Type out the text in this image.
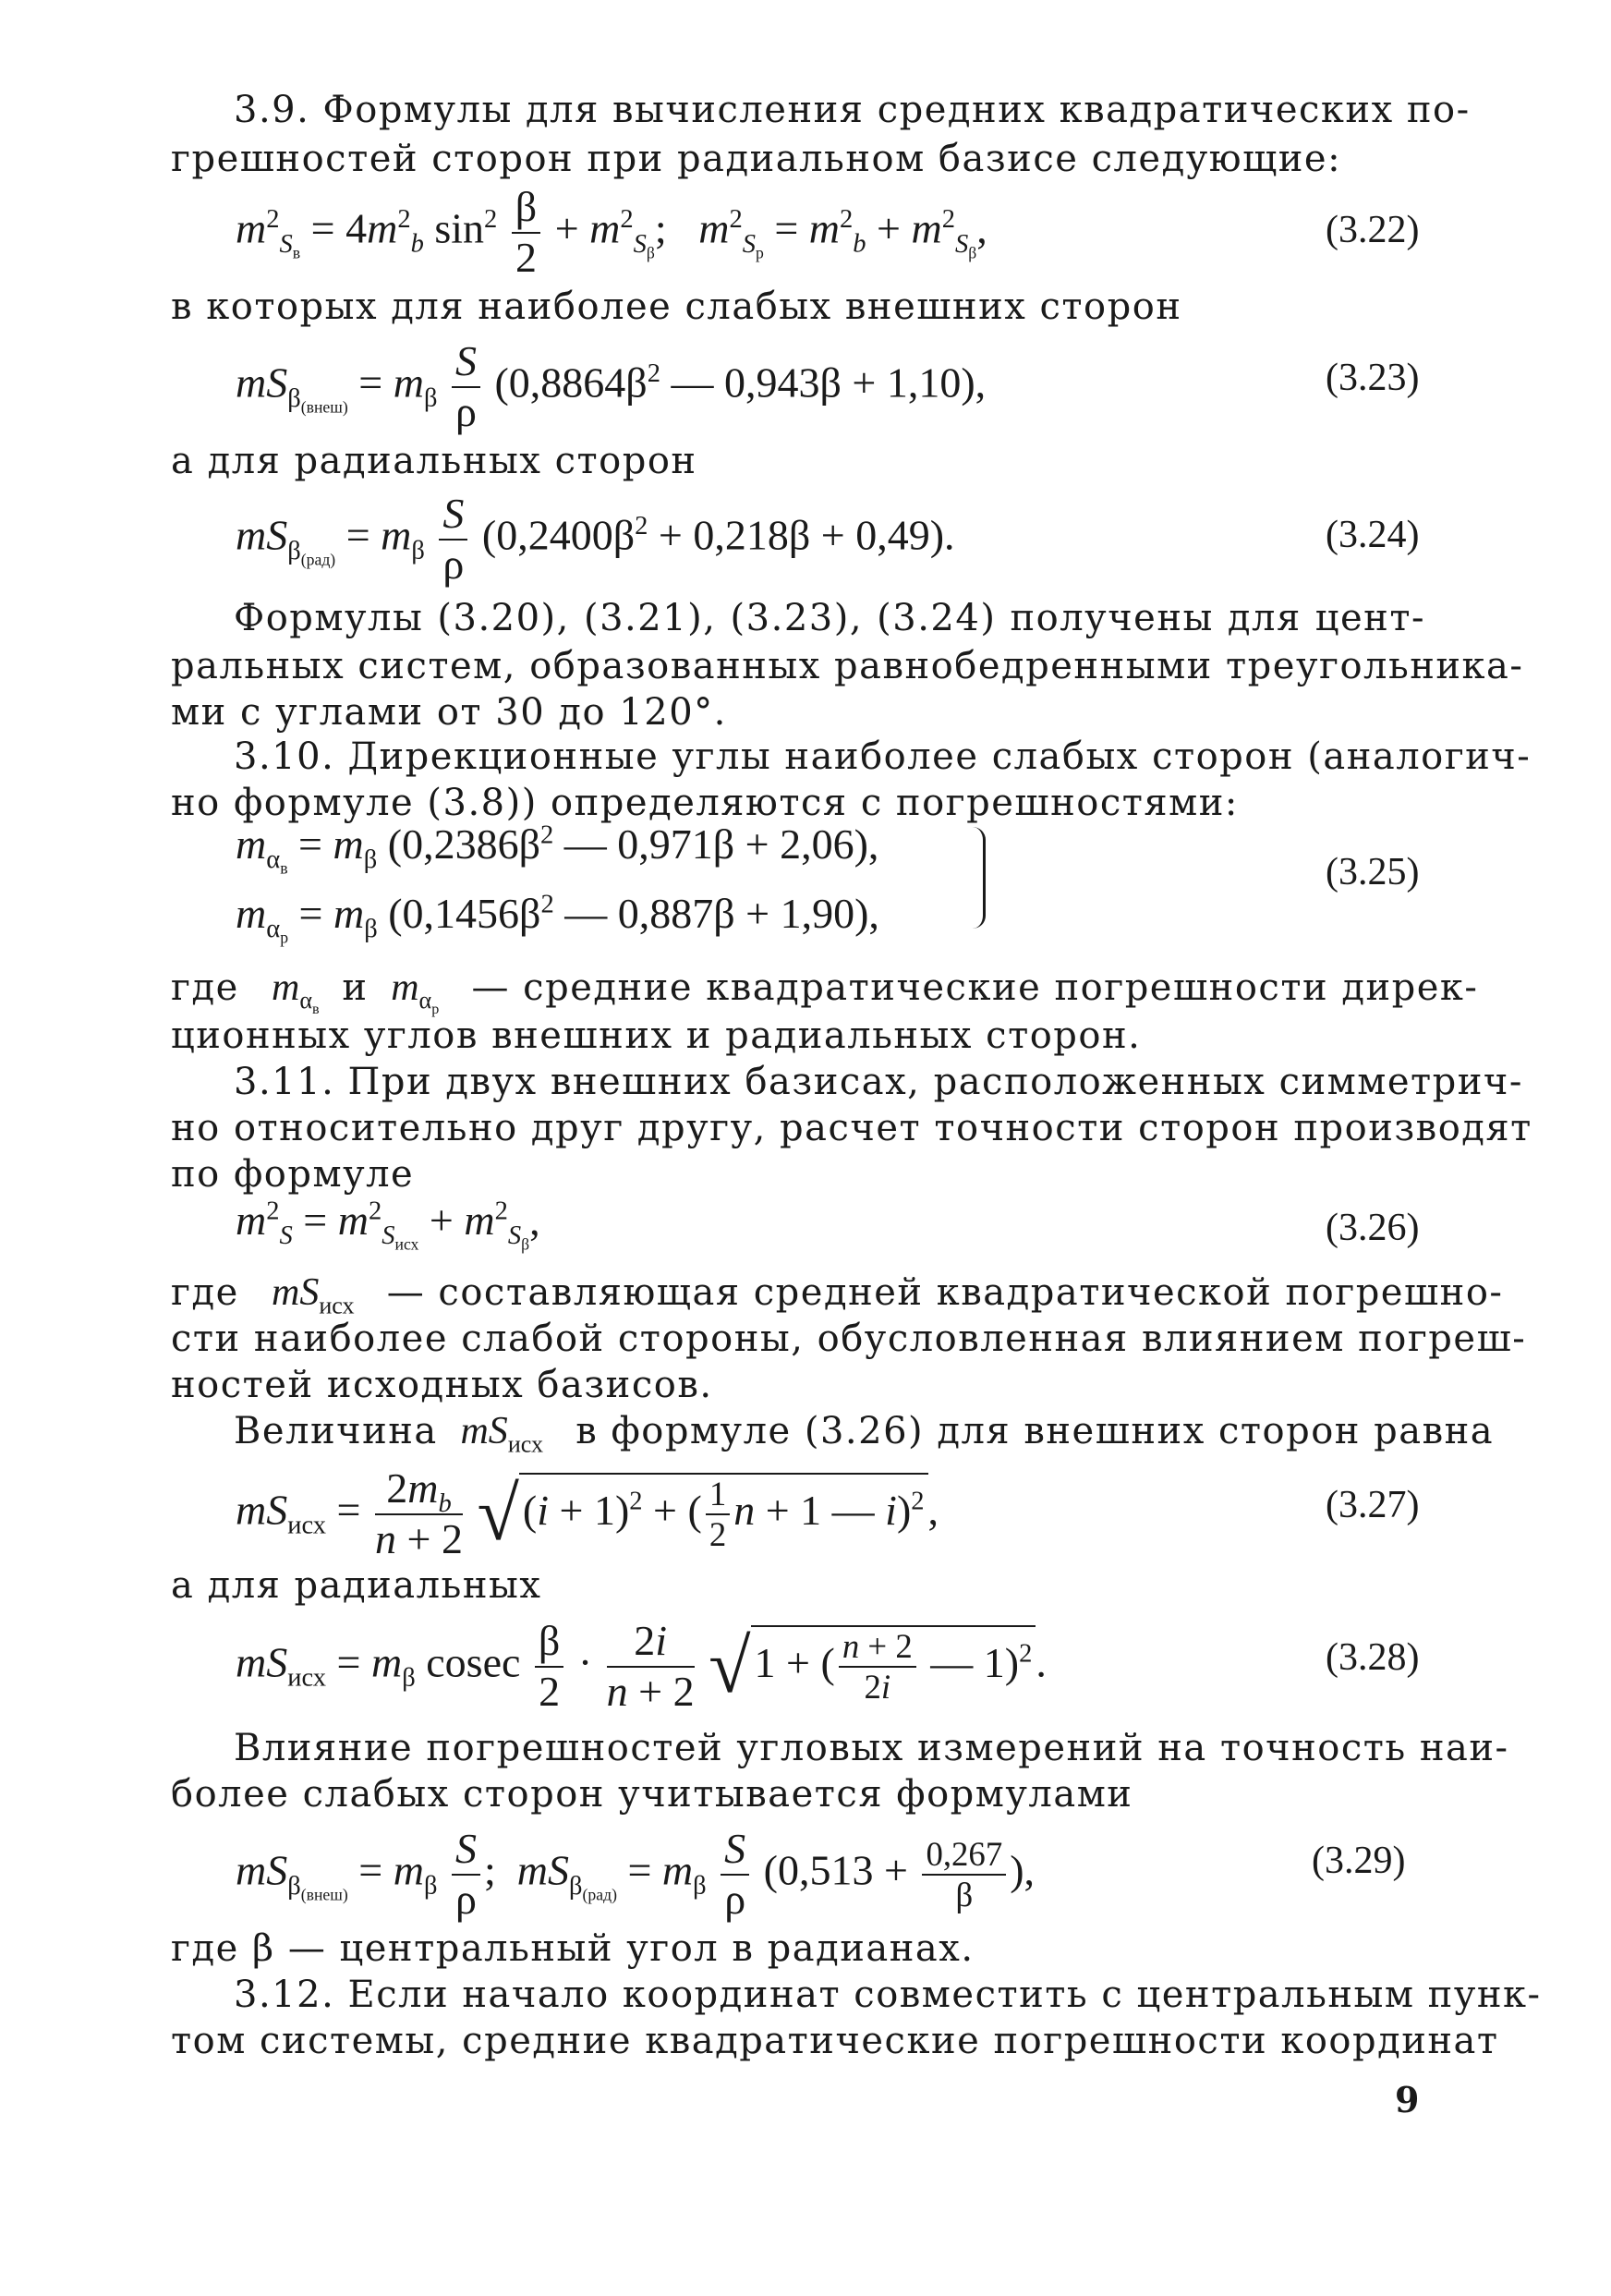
3.9. Формулы для вычисления средних квадратических по-
грешностей сторон при радиальном базисе следующие:
$m^2_{S_в} = 4m^2_b$ $\sin^2 \frac{\beta}{2} + m^2_{S_\beta}$;   $m^2_{S_р} = m^2_b + m^2_{S_\beta}$,	(3.22)
в которых для наиболее слабых внешних сторон
$mS_{\beta_{(внеш)}} = m_\beta \frac{S}{\rho} (0,8864\beta^2$ — 0,943β + 1,10),	(3.23)
а для радиальных сторон
$mS_{\beta_{(рад)}} = m_\beta \frac{S}{\rho} (0,2400\beta^2 + 0,218\beta + 0,49)$.	(3.24)
Формулы (3.20), (3.21), (3.23), (3.24) получены для цент-
ральных систем, образованных равнобедренными треугольника-
ми с углами от 30 до 120°.
3.10. Дирекционные углы наиболее слабых сторон (аналогич-
но формуле (3.8)) определяются с погрешностями:
$m_{\alpha_в} = m_\beta$ ($0,2386\beta^2$ — 0,971β + 2,06),
$m_{\alpha_р} = m_\beta$ ($0,1456\beta^2$ — 0,887β + 1,90),
(3.25)
где $m_{\alpha_в}$  и $m_{\alpha_р}$   — средние квадратические погрешности дирек-
ционных углов внешних и радиальных сторон.
3.11. При двух внешних базисах, расположенных симметрич-
но относительно друг другу, расчет точности сторон производят
по формуле
$m^2_S = m^2_{S_{исх}} + m^2_{S_\beta}$,	(3.26)
где $mS_{исх}$ — составляющая средней квадратической погрешно-
сти наиболее слабой стороны, обусловленная влиянием погреш-
ностей исходных базисов.
Величина $mS_{исх}$ в формуле (3.26) для внешних сторон равна
$mS_{исх} = \frac{2m_b}{n + 2} √(i + 1)^2$ + ( $\frac{1}{2}$ n + 1 — i)$^2$,	(3.27)
а для радиальных
$mS_{исх} = m_\beta$ cosec $\frac{\beta}{2} \cdot \frac{2i}{n + 2} √1$ + ( $\frac{n + 2}{2i}$ — 1)$^2$.	(3.28)
Влияние погрешностей угловых измерений на точность наи-
более слабых сторон учитывается формулами
$mS_{\beta_{(внеш)}} = m_\beta \frac{S}{\rho}$ ;  $mS_{\beta_{(рад)}} = m_\beta \frac{S}{\rho} (0,513 + \frac{0,267}{\beta}$ ),	(3.29)
где β — центральный угол в радианах.
3.12. Если начало координат совместить с центральным пунк-
том системы, средние квадратические погрешности координат
9
